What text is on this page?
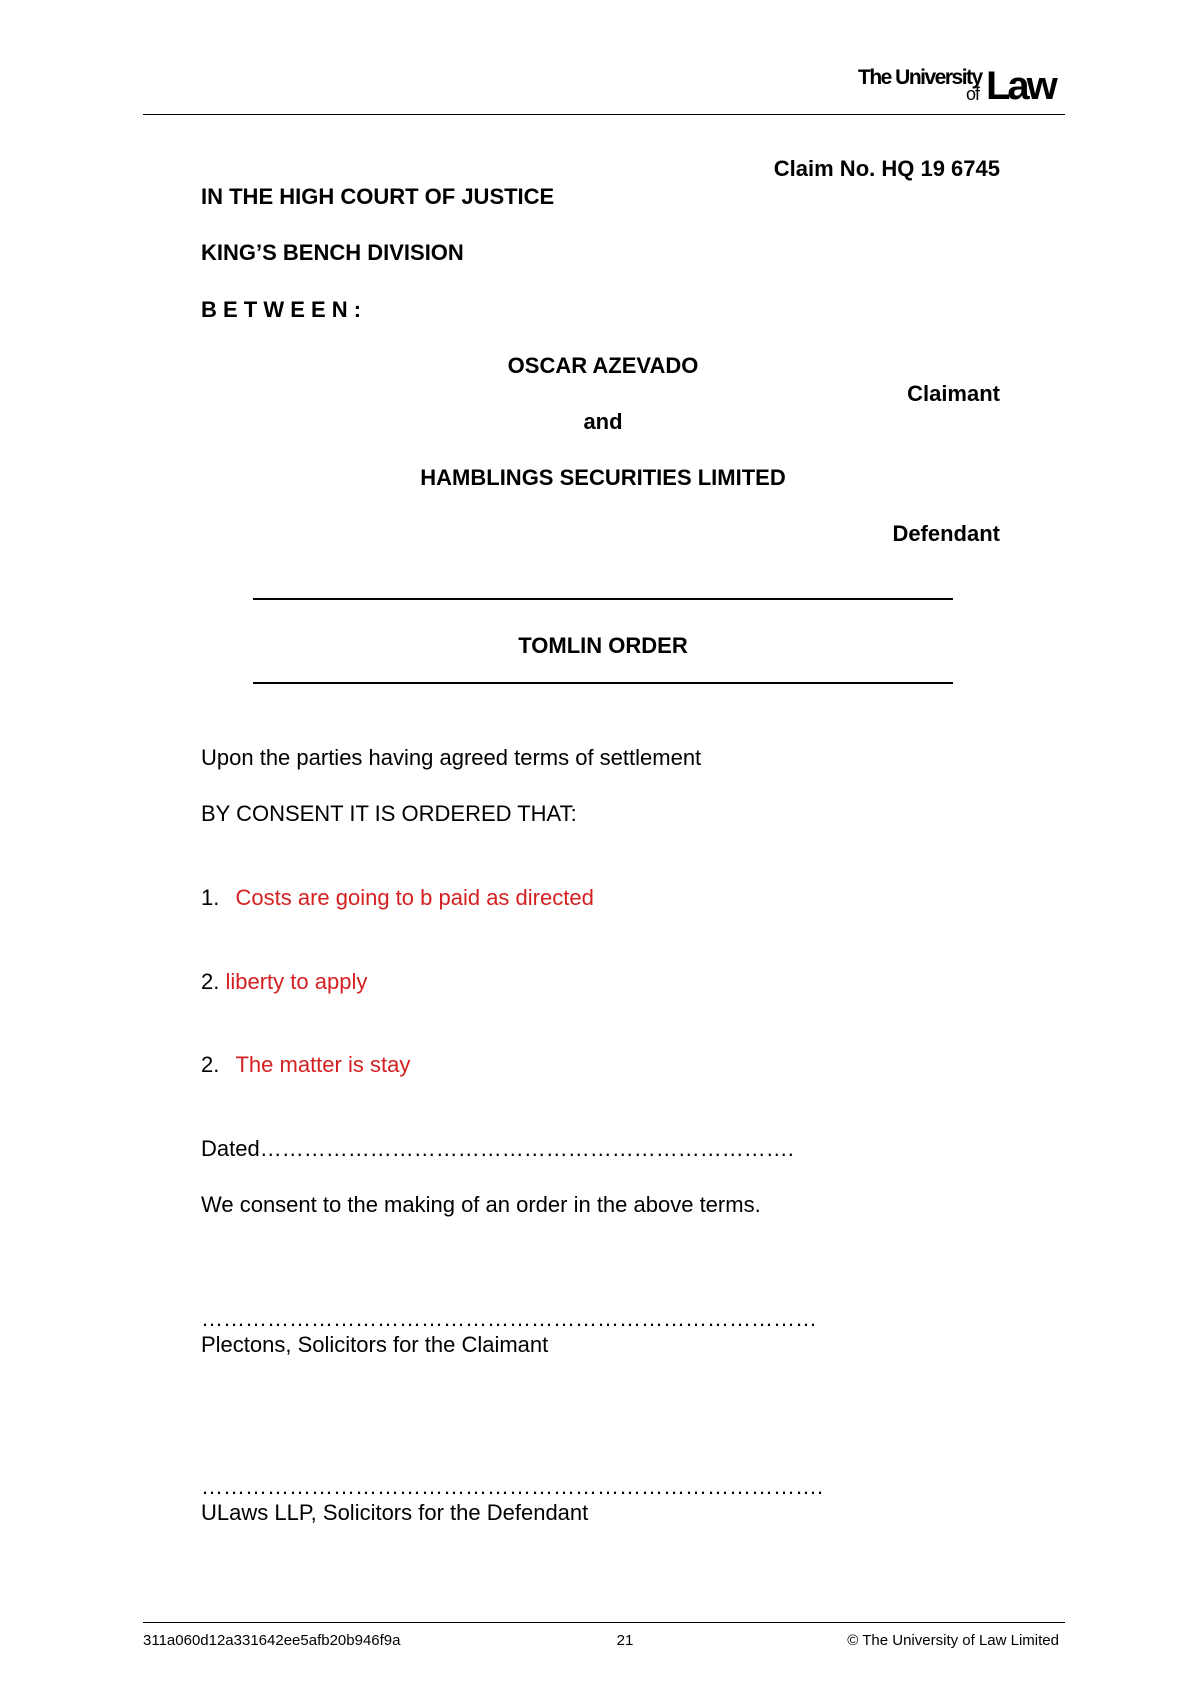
The University
of Law
Claim No. HQ 19 6745
IN THE HIGH COURT OF JUSTICE
KING’S BENCH DIVISION
B E T W E E N :
OSCAR AZEVADO
Claimant
and
HAMBLINGS SECURITIES LIMITED
Defendant
TOMLIN ORDER
Upon the parties having agreed terms of settlement
BY CONSENT IT IS ORDERED THAT:
1. Costs are going to b paid as directed
2. liberty to apply
2. The matter is stay
Dated……………………………………………………………….
We consent to the making of an order in the above terms.
…………………………………………………………………………
Plectons, Solicitors for the Claimant
………………………………………………………………………….
ULaws LLP, Solicitors for the Defendant
311a060d12a331642ee5afb20b946f9a	21	© The University of Law Limited
